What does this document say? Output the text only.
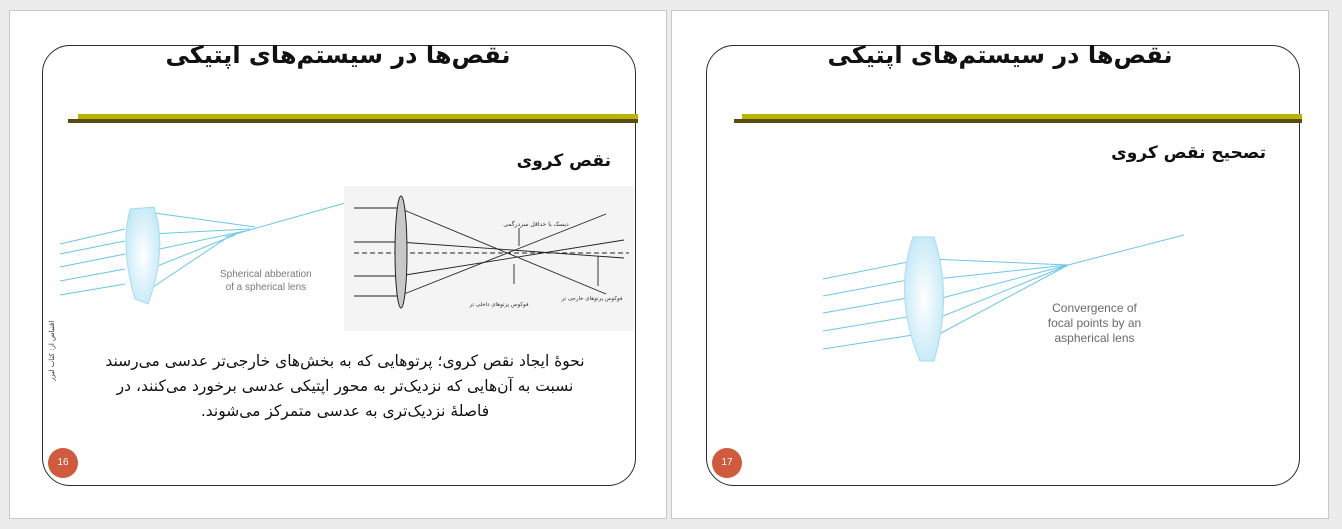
نقص‌ها در سیستم‌های اپتیکی
نقص کروی
Spherical abberation
of a spherical lens
دیسک با حداقل سردرگمی
فوکوس پرتوهای داخلی تر
فوکوس پرتوهای خارجی تر
اقتباس از: کتاب لیزر	نحوهٔ ایجاد نقص کروی؛ پرتوهایی که به بخش‌های خارجی‌تر عدسی می‌رسند
نسبت به آن‌هایی که نزدیک‌تر به محور اپتیکی عدسی برخورد می‌کنند، در
فاصلهٔ نزدیک‌تری به عدسی متمرکز می‌شوند.
16
نقص‌ها در سیستم‌های اپتیکی
تصحیح نقص کروی
Convergence of
focal points by an
aspherical lens
17
